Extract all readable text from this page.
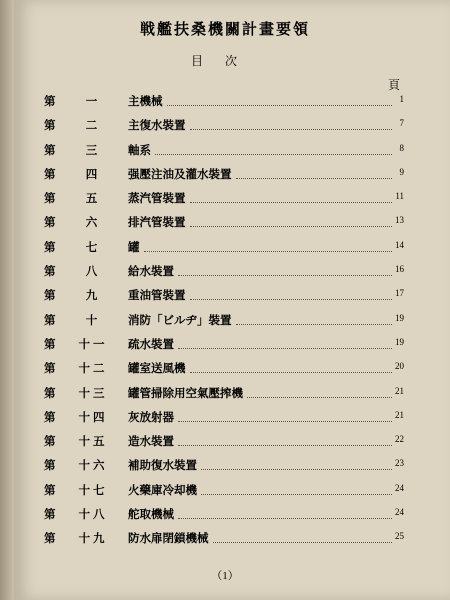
戦艦扶桑機關計畫要領
目次
頁
第	一	主機械	1
第	二	主復水裝置	7
第	三	軸系	8
第	四	强壓注油及灌水裝置	9
第	五	蒸汽管裝置	11
第	六	排汽管裝置	13
第	七	罐	14
第	八	給水裝置	16
第	九	重油管裝置	17
第	十	消防「ビルヂ」裝置	19
第	十一	疏水裝置	19
第	十二	罐室送風機	20
第	十三	罐管掃除用空氣壓搾機	21
第	十四	灰放射器	21
第	十五	造水裝置	22
第	十六	補助復水裝置	23
第	十七	火藥庫冷却機	24
第	十八	舵取機械	24
第	十九	防水扉閉鎖機械	25
（1）
